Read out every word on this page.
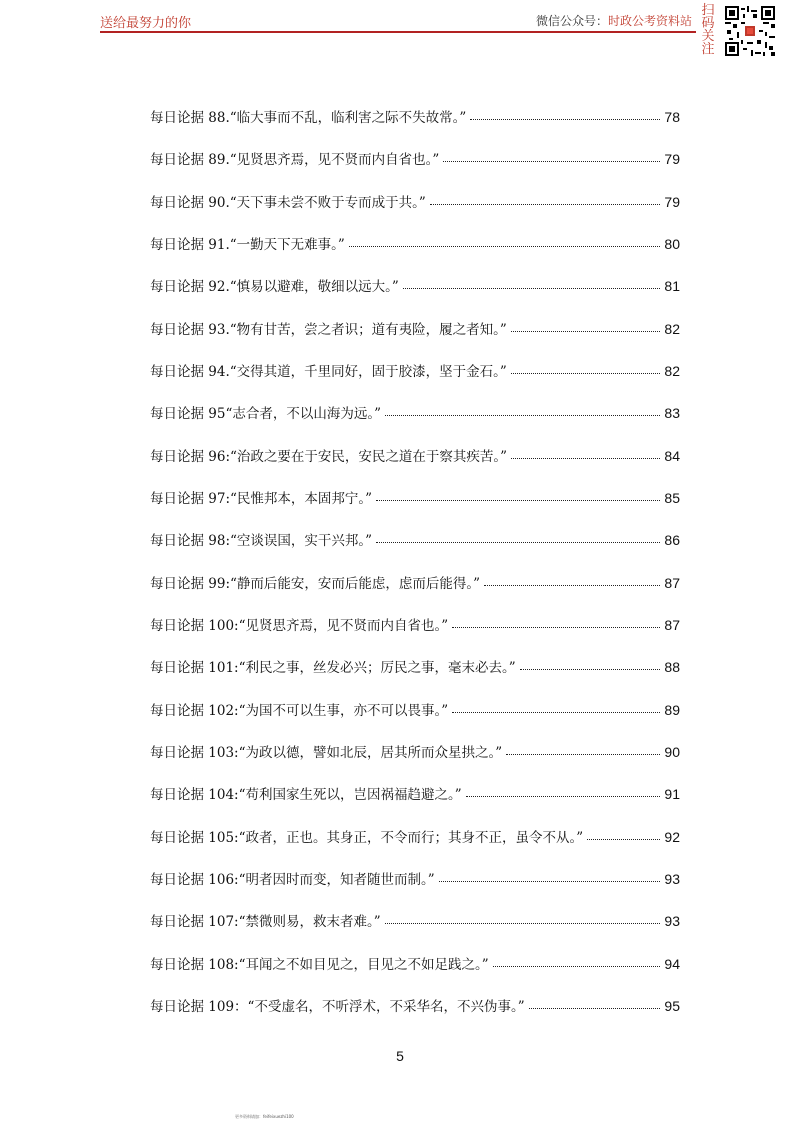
送给最努力的你	微信公众号：时政公考资料站
扫
码
关
注
每日论据 88.“临大事而不乱，临利害之际不失故常。”	78
每日论据 89.“见贤思齐焉，见不贤而内自省也。”	79
每日论据 90.“天下事未尝不败于专而成于共。”	79
每日论据 91.“一勤天下无难事。”	80
每日论据 92.“慎易以避难，敬细以远大。”	81
每日论据 93.“物有甘苦，尝之者识；道有夷险，履之者知。”	82
每日论据 94.“交得其道，千里同好，固于胶漆，坚于金石。”	82
每日论据 95“志合者，不以山海为远。”	83
每日论据 96:“治政之要在于安民，安民之道在于察其疾苦。”	84
每日论据 97:“民惟邦本，本固邦宁。”	85
每日论据 98:“空谈误国，实干兴邦。”	86
每日论据 99:“静而后能安，安而后能虑，虑而后能得。”	87
每日论据 100:“见贤思齐焉，见不贤而内自省也。”	87
每日论据 101:“利民之事，丝发必兴；厉民之事，毫末必去。”	88
每日论据 102:“为国不可以生事，亦不可以畏事。”	89
每日论据 103:“为政以德，譬如北辰，居其所而众星拱之。”	90
每日论据 104:“苟利国家生死以，岂因祸福趋避之。”	91
每日论据 105:“政者，正也。其身正，不令而行；其身不正，虽令不从。”	92
每日论据 106:“明者因时而变，知者随世而制。”	93
每日论据 107:“禁微则易，救末者难。”	93
每日论据 108:“耳闻之不如目见之，目见之不如足践之。”	94
每日论据 109：“不受虚名，不听浮术，不采华名，不兴伪事。”	95
5
更多资料请加：feifeixuezhi100
